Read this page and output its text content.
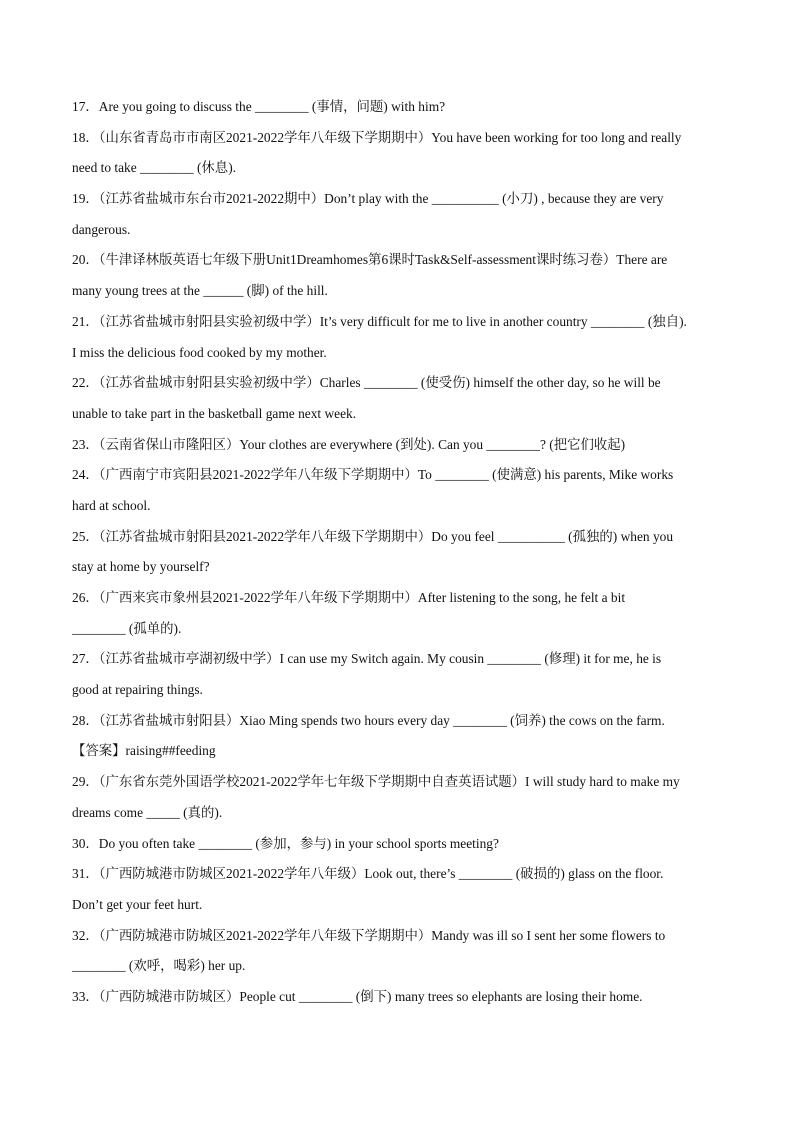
17．Are you going to discuss the ________ (事情，问题) with him?
18．（山东省青岛市市南区2021-2022学年八年级下学期期中）You have been working for too long and really
need to take ________ (休息).
19．（江苏省盐城市东台市2021-2022期中）Don’t play with the __________ (小刀) , because they are very
dangerous.
20．（牛津译林版英语七年级下册Unit1Dreamhomes第6课时Task&Self-assessment课时练习卷）There are
many young trees at the ______ (脚) of the hill.
21．（江苏省盐城市射阳县实验初级中学）It’s very difficult for me to live in another country ________ (独自).
I miss the delicious food cooked by my mother.
22．（江苏省盐城市射阳县实验初级中学）Charles ________ (使受伤) himself the other day, so he will be
unable to take part in the basketball game next week.
23．（云南省保山市隆阳区）Your clothes are everywhere (到处). Can you ________? (把它们收起)
24．（广西南宁市宾阳县2021-2022学年八年级下学期期中）To ________ (使满意) his parents, Mike works
hard at school.
25．（江苏省盐城市射阳县2021-2022学年八年级下学期期中）Do you feel __________ (孤独的) when you
stay at home by yourself?
26．（广西来宾市象州县2021-2022学年八年级下学期期中）After listening to the song, he felt a bit
________ (孤单的).
27．（江苏省盐城市亭湖初级中学）I can use my Switch again. My cousin ________ (修理) it for me, he is
good at repairing things.
28．（江苏省盐城市射阳县）Xiao Ming spends two hours every day ________ (饲养) the cows on the farm.
【答案】raising##feeding
29．（广东省东莞外国语学校2021-2022学年七年级下学期期中自查英语试题）I will study hard to make my
dreams come _____ (真的).
30．Do you often take ________ (参加，参与) in your school sports meeting?
31．（广西防城港市防城区2021-2022学年八年级）Look out, there’s ________ (破损的) glass on the floor.
Don’t get your feet hurt.
32．（广西防城港市防城区2021-2022学年八年级下学期期中）Mandy was ill so I sent her some flowers to
________ (欢呼，喝彩) her up.
33．（广西防城港市防城区）People cut ________ (倒下) many trees so elephants are losing their home.
